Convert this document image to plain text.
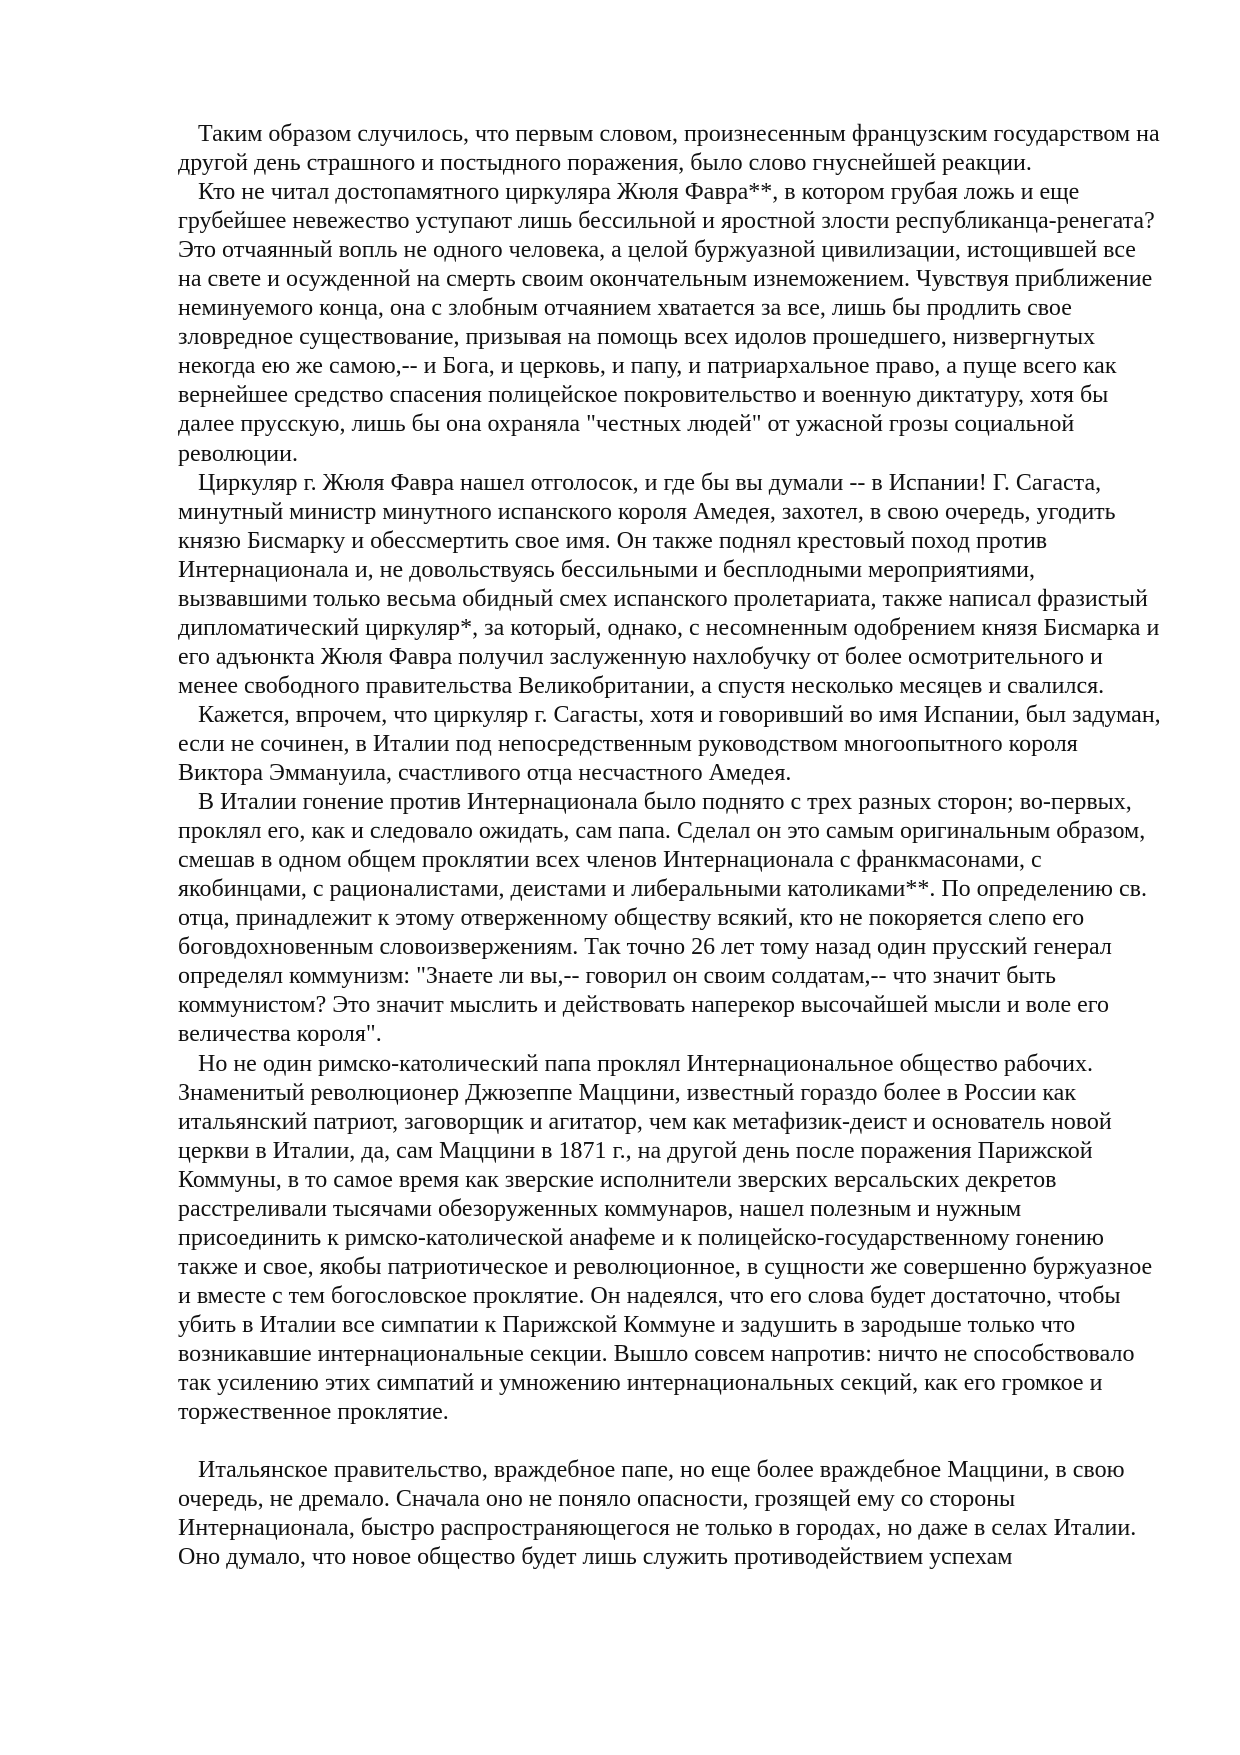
Таким образом случилось, что первым словом, произнесенным французским государством на другой день страшного и постыдного поражения, было слово гнуснейшей реакции.

Кто не читал достопамятного циркуляра Жюля Фавра**, в котором грубая ложь и еще грубейшее невежество уступают лишь бессильной и яростной злости республиканца-ренегата? Это отчаянный вопль не одного человека, а целой буржуазной цивилизации, истощившей все на свете и осужденной на смерть своим окончательным изнеможением. Чувствуя приближение неминуемого конца, она с злобным отчаянием хватается за все, лишь бы продлить свое зловредное существование, призывая на помощь всех идолов прошедшего, низвергнутых некогда ею же самою,-- и Бога, и церковь, и папу, и патриархальное право, а пуще всего как вернейшее средство спасения полицейское покровительство и военную диктатуру, хотя бы далее прусскую, лишь бы она охраняла "честных людей" от ужасной грозы социальной революции.

Циркуляр г. Жюля Фавра нашел отголосок, и где бы вы думали -- в Испании! Г. Сагаста, минутный министр минутного испанского короля Амедея, захотел, в свою очередь, угодить князю Бисмарку и обессмертить свое имя. Он также поднял крестовый поход против Интернационала и, не довольствуясь бессильными и бесплодными мероприятиями, вызвавшими только весьма обидный смех испанского пролетариата, также написал фразистый дипломатический циркуляр*, за который, однако, с несомненным одобрением князя Бисмарка и его адъюнкта Жюля Фавра получил заслуженную нахлобучку от более осмотрительного и менее свободного правительства Великобритании, а спустя несколько месяцев и свалился.

Кажется, впрочем, что циркуляр г. Сагасты, хотя и говоривший во имя Испании, был задуман, если не сочинен, в Италии под непосредственным руководством многоопытного короля Виктора Эммануила, счастливого отца несчастного Амедея.

В Италии гонение против Интернационала было поднято с трех разных сторон; во-первых, проклял его, как и следовало ожидать, сам папа. Сделал он это самым оригинальным образом, смешав в одном общем проклятии всех членов Интернационала с франкмасонами, с якобинцами, с рационалистами, деистами и либеральными католиками**. По определению св. отца, принадлежит к этому отверженному обществу всякий, кто не покоряется слепо его боговдохновенным словоизвержениям. Так точно 26 лет тому назад один прусский генерал определял коммунизм: "Знаете ли вы,-- говорил он своим солдатам,-- что значит быть коммунистом? Это значит мыслить и действовать наперекор высочайшей мысли и воле его величества короля".

Но не один римско-католический папа проклял Интернациональное общество рабочих. Знаменитый революционер Джюзеппе Маццини, известный гораздо более в России как итальянский патриот, заговорщик и агитатор, чем как метафизик-деист и основатель новой церкви в Италии, да, сам Маццини в 1871 г., на другой день после поражения Парижской Коммуны, в то самое время как зверские исполнители зверских версальских декретов расстреливали тысячами обезоруженных коммунаров, нашел полезным и нужным присоединить к римско-католической анафеме и к полицейско-государственному гонению также и свое, якобы патриотическое и революционное, в сущности же совершенно буржуазное и вместе с тем богословское проклятие. Он надеялся, что его слова будет достаточно, чтобы убить в Италии все симпатии к Парижской Коммуне и задушить в зародыше только что возникавшие интернациональные секции. Вышло совсем напротив: ничто не способствовало так усилению этих симпатий и умножению интернациональных секций, как его громкое и торжественное проклятие.

Итальянское правительство, враждебное папе, но еще более враждебное Маццини, в свою очередь, не дремало. Сначала оно не поняло опасности, грозящей ему со стороны Интернационала, быстро распространяющегося не только в городах, но даже в селах Италии. Оно думало, что новое общество будет лишь служить противодействием успехам
